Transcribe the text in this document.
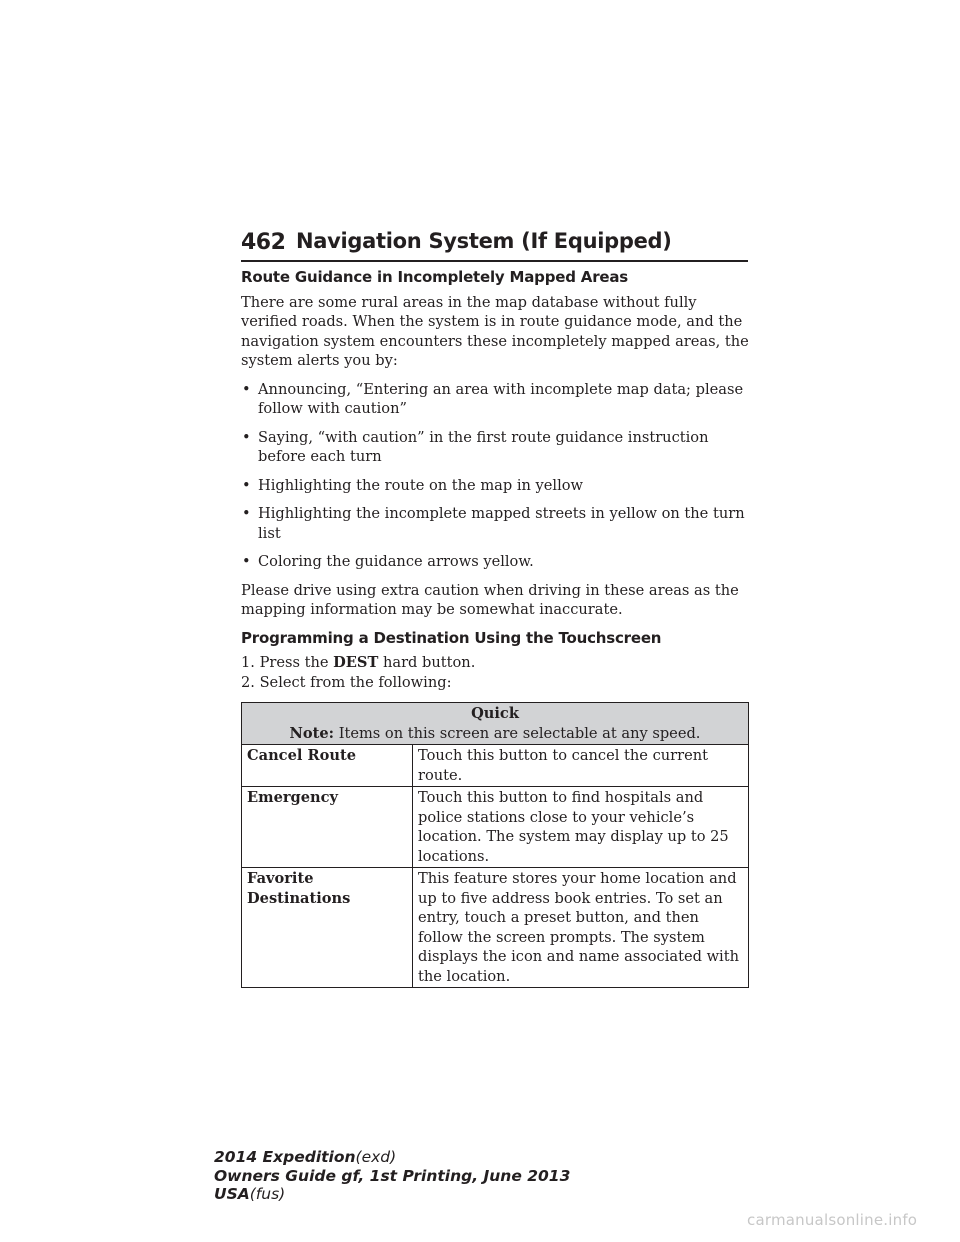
462 Navigation System (If Equipped)
Route Guidance in Incompletely Mapped Areas

There are some rural areas in the map database without fully verified roads. When the system is in route guidance mode, and the navigation system encounters these incompletely mapped areas, the system alerts you by:

• Announcing, “Entering an area with incomplete map data; please follow with caution”
• Saying, “with caution” in the first route guidance instruction before each turn
• Highlighting the route on the map in yellow
• Highlighting the incomplete mapped streets in yellow on the turn list
• Coloring the guidance arrows yellow.

Please drive using extra caution when driving in these areas as the mapping information may be somewhat inaccurate.

Programming a Destination Using the Touchscreen
1. Press the DEST hard button.
2. Select from the following:
Quick
Note: Items on this screen are selectable at any speed.	

Cancel Route	Touch this button to cancel the current route.
Emergency	Touch this button to find hospitals and police stations close to your vehicle’s location. The system may display up to 25 locations.

Favorite
Destinations	This feature stores your home location and up to five address book entries. To set an entry, touch a preset button, and then follow the screen prompts. The system displays the icon and name associated with the location.
2014 Expedition(exd)
Owners Guide gf, 1st Printing, June 2013
USA(fus)
carmanualsonline.info
